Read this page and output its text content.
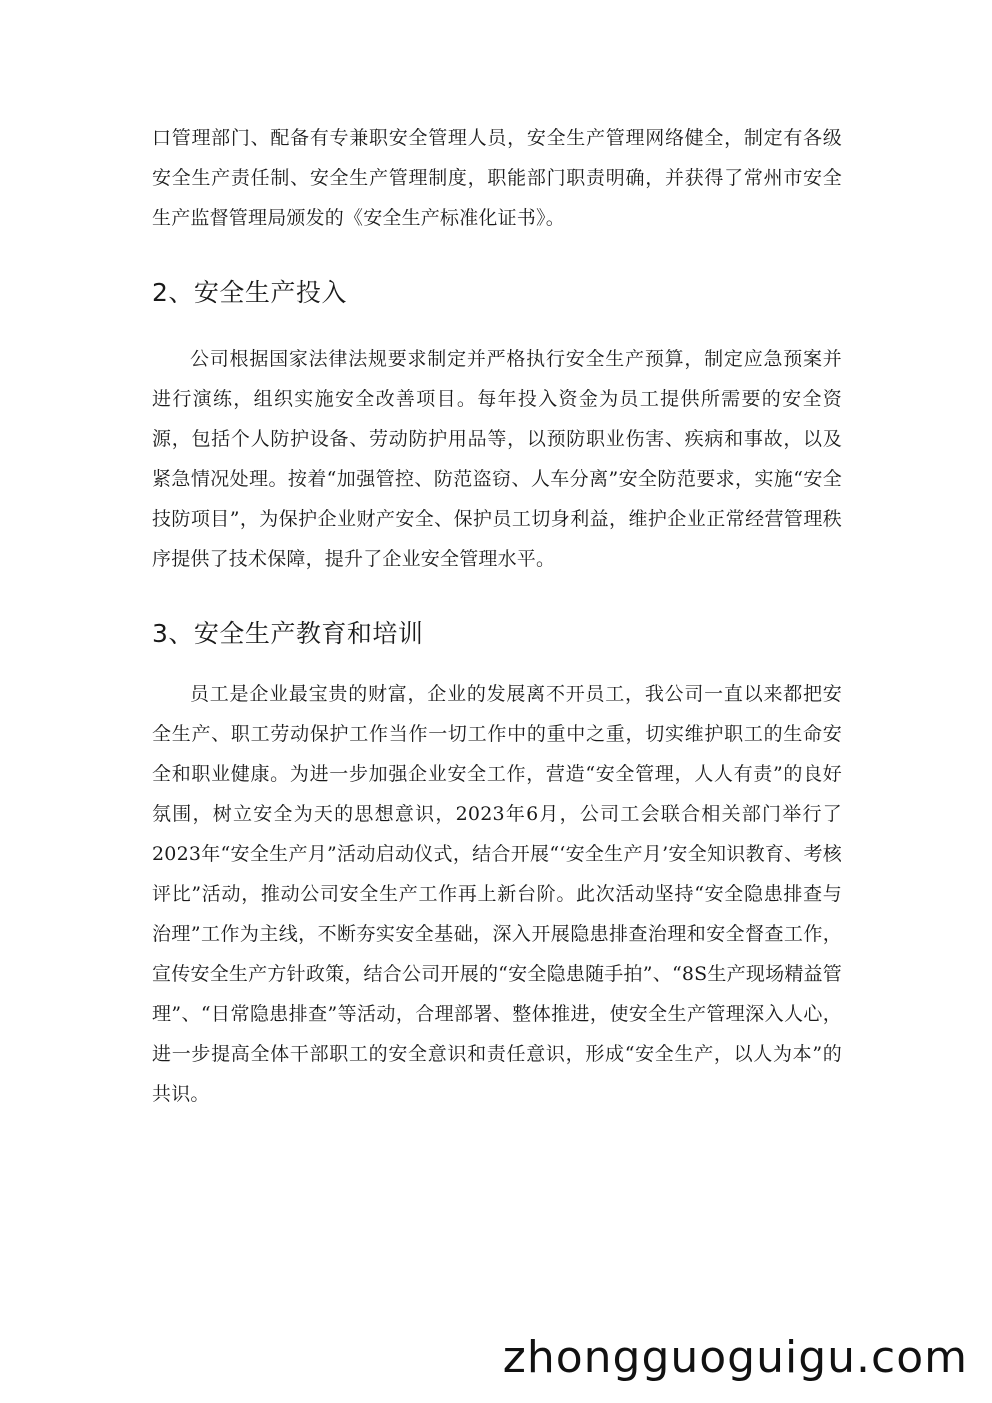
口管理部门、配备有专兼职安全管理人员，安全生产管理网络健全，制定有各级安全生产责任制、安全生产管理制度，职能部门职责明确，并获得了常州市安全生产监督管理局颁发的《安全生产标准化证书》。

2、安全生产投入

公司根据国家法律法规要求制定并严格执行安全生产预算，制定应急预案并进行演练，组织实施安全改善项目。每年投入资金为员工提供所需要的安全资源，包括个人防护设备、劳动防护用品等，以预防职业伤害、疾病和事故，以及紧急情况处理。按着“加强管控、防范盗窃、人车分离”安全防范要求，实施“安全技防项目”，为保护企业财产安全、保护员工切身利益，维护企业正常经营管理秩序提供了技术保障，提升了企业安全管理水平。

3、安全生产教育和培训

员工是企业最宝贵的财富，企业的发展离不开员工，我公司一直以来都把安全生产、职工劳动保护工作当作一切工作中的重中之重，切实维护职工的生命安全和职业健康。为进一步加强企业安全工作，营造“安全管理，人人有责”的良好氛围，树立安全为天的思想意识，2023年6月，公司工会联合相关部门举行了2023年“安全生产月”活动启动仪式，结合开展“‘安全生产月’安全知识教育、考核评比”活动，推动公司安全生产工作再上新台阶。此次活动坚持“安全隐患排查与治理”工作为主线，不断夯实安全基础，深入开展隐患排查治理和安全督查工作，宣传安全生产方针政策，结合公司开展的“安全隐患随手拍”、“8S生产现场精益管理”、“日常隐患排查”等活动，合理部署、整体推进，使安全生产管理深入人心，进一步提高全体干部职工的安全意识和责任意识，形成“安全生产，以人为本”的共识。

zhongguoguigu.com
